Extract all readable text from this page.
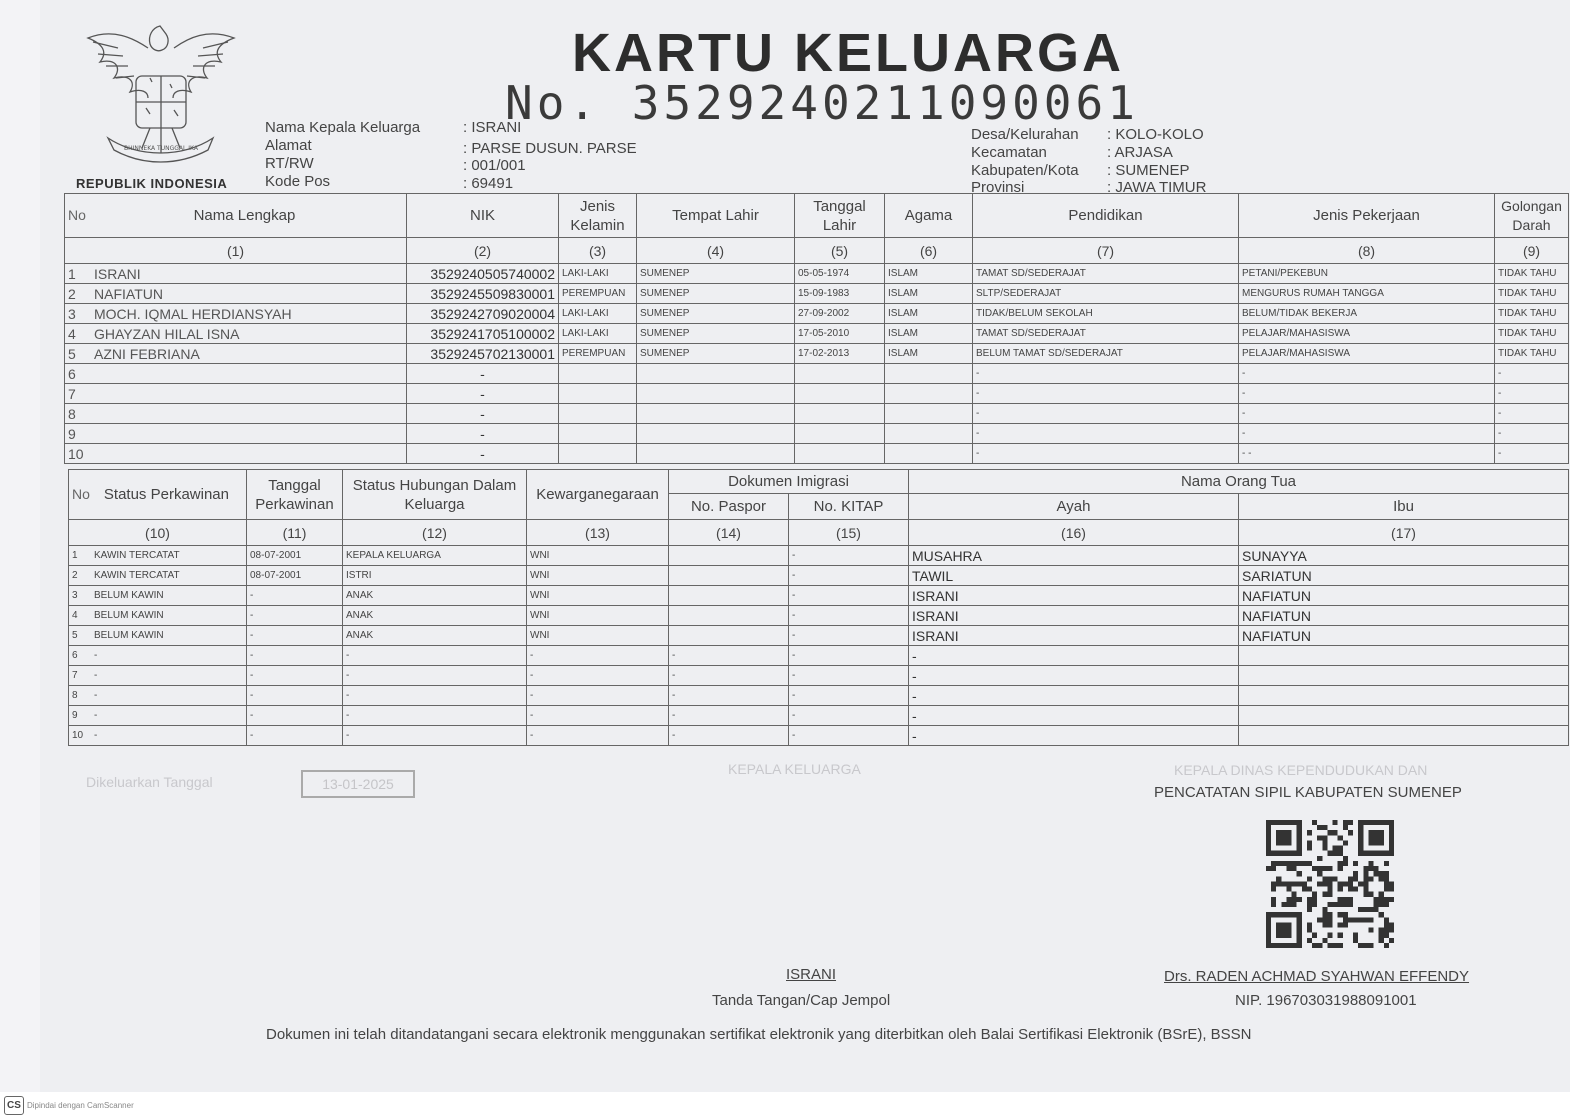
BHINNEKA TUNGGAL IKA
REPUBLIK INDONESIA
KARTU KELUARGA
No. 3529240211090061
Nama Kepala Keluarga	: ISRANI
Alamat	: PARSE DUSUN. PARSE
RT/RW	: 001/001
Kode Pos	: 69491
Desa/Kelurahan : KOLO-KOLO
Kecamatan	: ARJASA
Kabupaten/Kota : SUMENEP
Provinsi	: JAWA TIMUR
No Nama Lengkap	NIK	Jenis Kelamin	Tempat Lahir	Tanggal Lahir	Agama	Pendidikan	Jenis Pekerjaan	Golongan Darah
(1)	(2)	(3)	(4)	(5)	(6)	(7)	(8)	(9)
1 ISRANI	3529240505740002	LAKI-LAKI	SUMENEP	05-05-1974	ISLAM	TAMAT SD/SEDERAJAT	PETANI/PEKEBUN	TIDAK TAHU
2 NAFIATUN	3529245509830001	PEREMPUAN	SUMENEP	15-09-1983	ISLAM	SLTP/SEDERAJAT	MENGURUS RUMAH TANGGA	TIDAK TAHU
3 MOCH. IQMAL HERDIANSYAH	3529242709020004	LAKI-LAKI	SUMENEP	27-09-2002	ISLAM	TIDAK/BELUM SEKOLAH	BELUM/TIDAK BEKERJA	TIDAK TAHU
4 GHAYZAN HILAL ISNA	3529241705100002	LAKI-LAKI	SUMENEP	17-05-2010	ISLAM	TAMAT SD/SEDERAJAT	PELAJAR/MAHASISWA	TIDAK TAHU
5 AZNI FEBRIANA	3529245702130001	PEREMPUAN	SUMENEP	17-02-2013	ISLAM	BELUM TAMAT SD/SEDERAJAT	PELAJAR/MAHASISWA	TIDAK TAHU
6	-					-	-	-
7	-					-	-	-
8	-					-	-	-
9	-					-	-	-
10	-					-	- -	-
No Status Perkawinan	Tanggal Perkawinan	Status Hubungan Dalam Keluarga	Kewarganegaraan	Dokumen Imigrasi		Nama Orang Tua	
				No. Paspor	No. KITAP	Ayah	Ibu
(10)	(11)	(12)	(13)	(14)	(15)	(16)	(17)
1 KAWIN TERCATAT	08-07-2001	KEPALA KELUARGA	WNI		-	MUSAHRA	SUNAYYA
2 KAWIN TERCATAT	08-07-2001	ISTRI	WNI		-	TAWIL	SARIATUN
3 BELUM KAWIN	-	ANAK	WNI		-	ISRANI	NAFIATUN
4 BELUM KAWIN	-	ANAK	WNI		-	ISRANI	NAFIATUN
5 BELUM KAWIN	-	ANAK	WNI		-	ISRANI	NAFIATUN
6 -	-	-	-	-	-	-	
7 -	-	-	-	-	-	-	
8 -	-	-	-	-	-	-	
9 -	-	-	-	-	-	-	
10 -	-	-	-	-	-	-	
Dikeluarkan Tanggal	13-01-2025
KEPALA KELUARGA	KEPALA DINAS KEPENDUDUKAN DAN
PENCATATAN SIPIL KABUPATEN SUMENEP
ISRANI
Tanda Tangan/Cap Jempol
Drs. RADEN ACHMAD SYAHWAN EFFENDY
NIP. 196703031988091001
Dokumen ini telah ditandatangani secara elektronik menggunakan sertifikat elektronik yang diterbitkan oleh Balai Sertifikasi Elektronik (BSrE), BSSN
CS Dipindai dengan CamScanner
